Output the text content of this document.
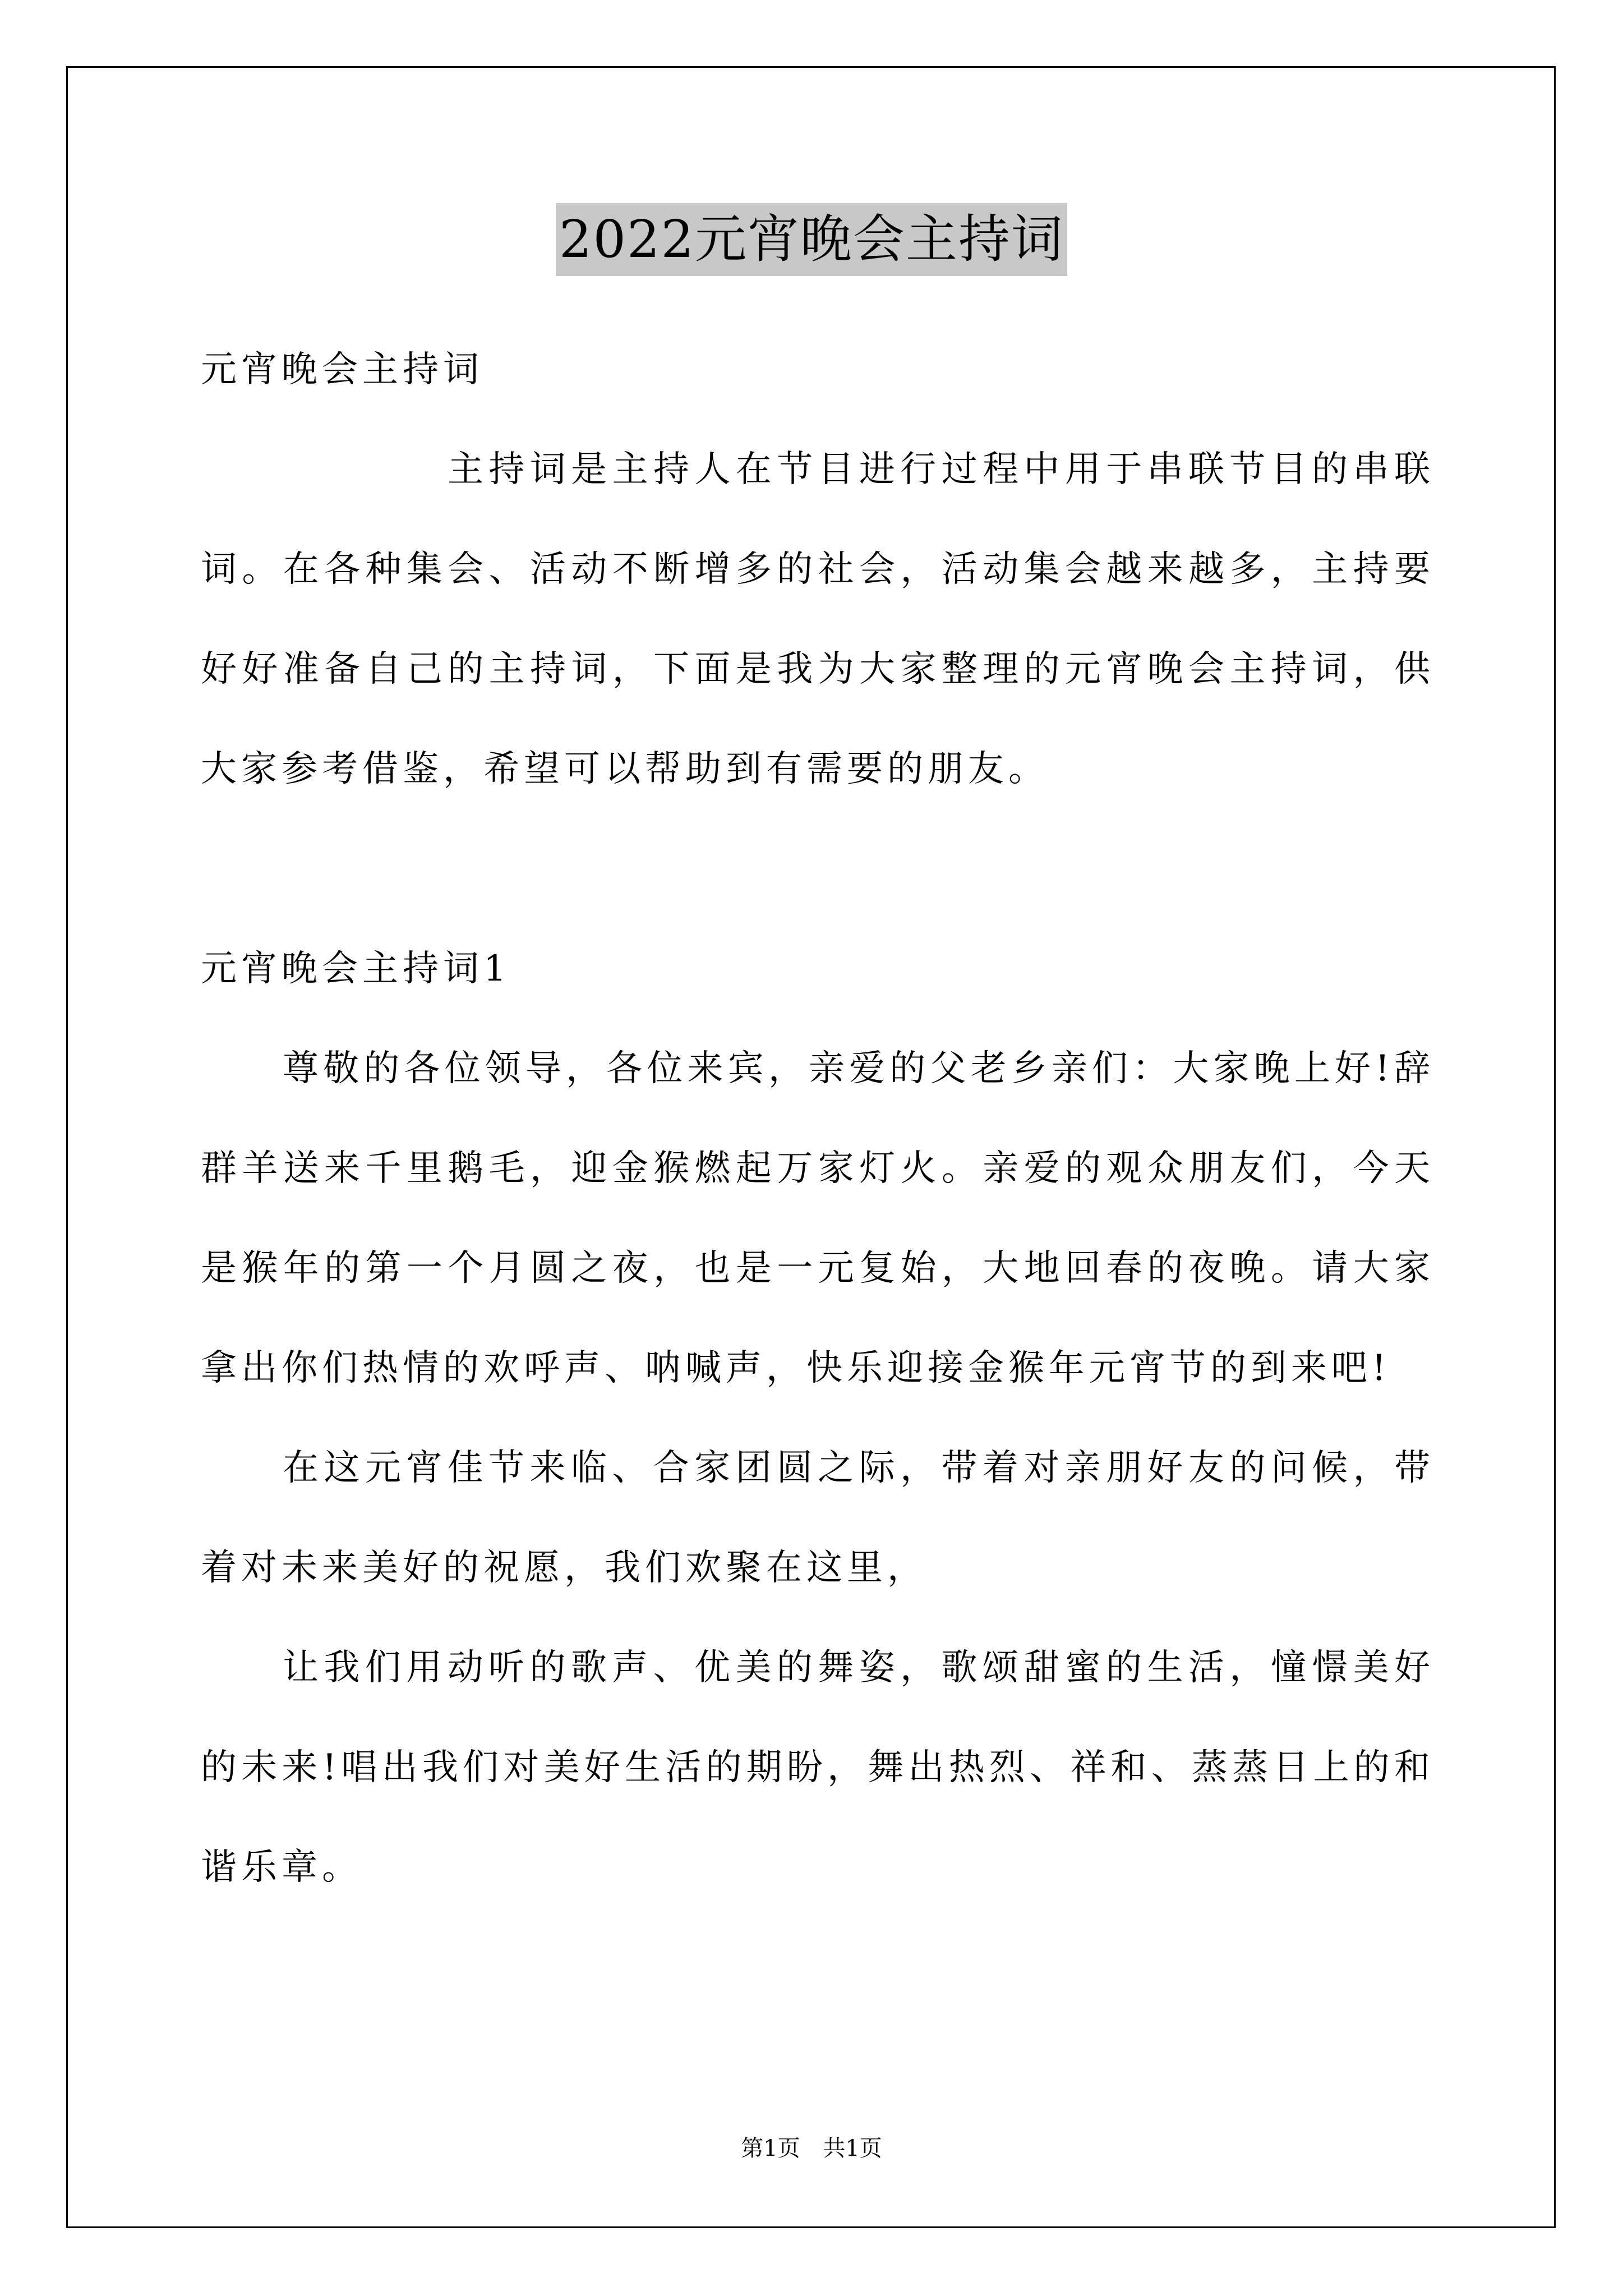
2022元宵晚会主持词

元宵晚会主持词

主持词是主持人在节目进行过程中用于串联节目的串联词。在各种集会、活动不断增多的社会，活动集会越来越多，主持要好好准备自己的主持词，下面是我为大家整理的元宵晚会主持词，供大家参考借鉴，希望可以帮助到有需要的朋友。

元宵晚会主持词1

尊敬的各位领导，各位来宾，亲爱的父老乡亲们：大家晚上好!辞群羊送来千里鹅毛，迎金猴燃起万家灯火。亲爱的观众朋友们，今天是猴年的第一个月圆之夜，也是一元复始，大地回春的夜晚。请大家拿出你们热情的欢呼声、呐喊声，快乐迎接金猴年元宵节的到来吧!

在这元宵佳节来临、合家团圆之际，带着对亲朋好友的问候，带着对未来美好的祝愿，我们欢聚在这里，

让我们用动听的歌声、优美的舞姿，歌颂甜蜜的生活，憧憬美好的未来!唱出我们对美好生活的期盼，舞出热烈、祥和、蒸蒸日上的和谐乐章。

第1页 共1页
